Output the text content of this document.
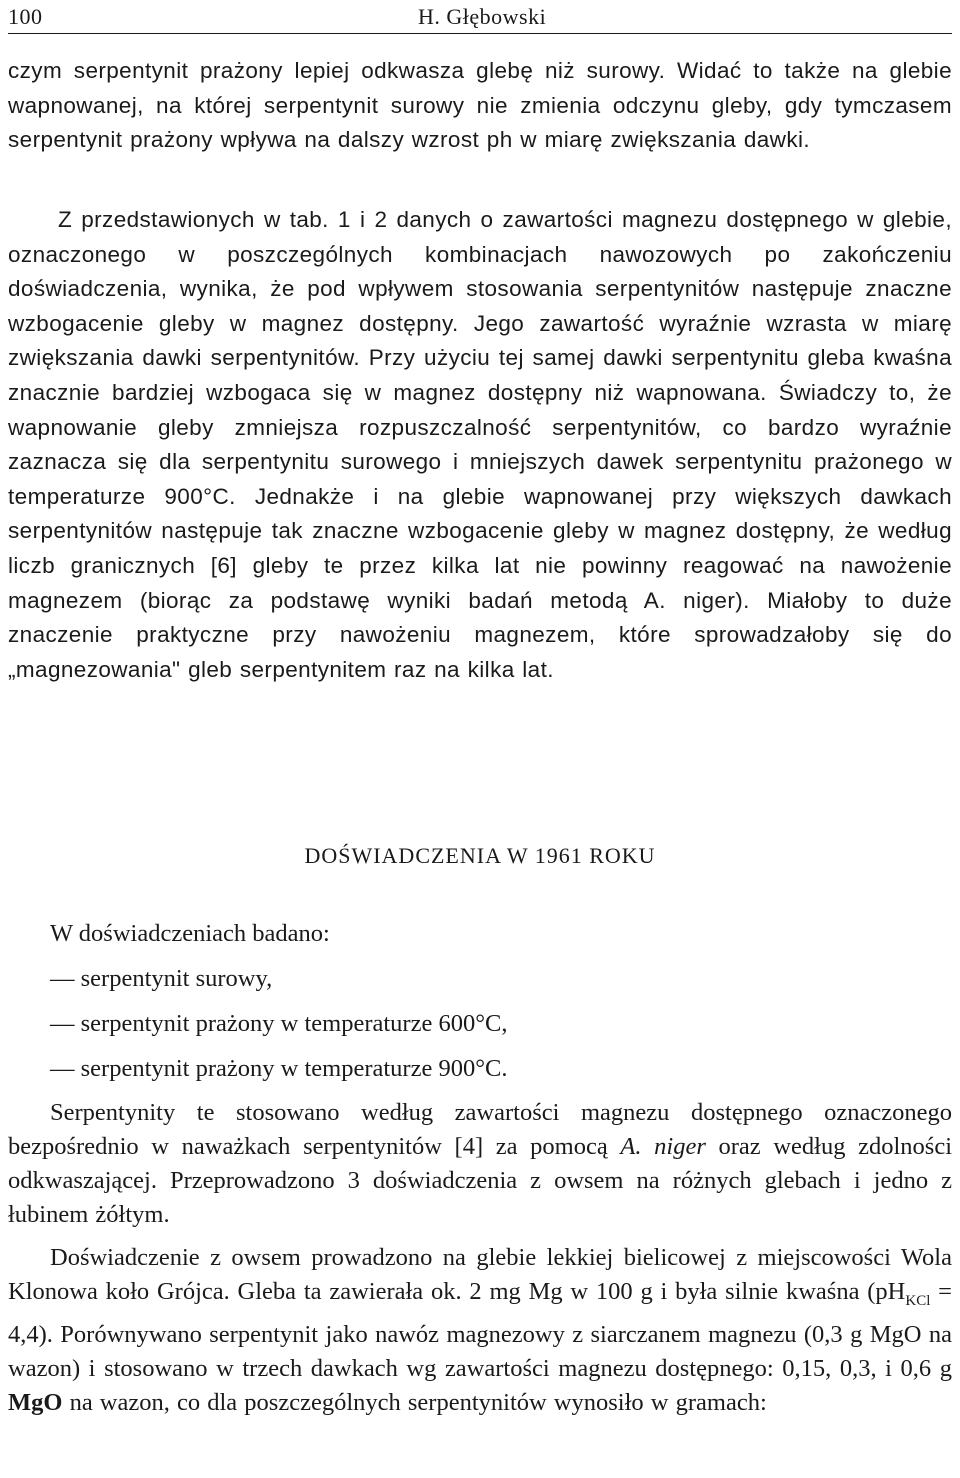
100	H. Głębowski

czym serpentynit prażony lepiej odkwasza glebę niż surowy. Widać to także na glebie wapnowanej, na której serpentynit surowy nie zmienia odczynu gleby, gdy tymczasem serpentynit prażony wpływa na dalszy wzrost ph w miarę zwiększania dawki.

Z przedstawionych w tab. 1 i 2 danych o zawartości magnezu dostępnego w glebie, oznaczonego w poszczególnych kombinacjach nawozowych po zakończeniu doświadczenia, wynika, że pod wpływem stosowania serpentynitów następuje znaczne wzbogacenie gleby w magnez dostępny. Jego zawartość wyraźnie wzrasta w miarę zwiększania dawki serpentynitów. Przy użyciu tej samej dawki serpentynitu gleba kwaśna znacznie bardziej wzbogaca się w magnez dostępny niż wapnowana. Świadczy to, że wapnowanie gleby zmniejsza rozpuszczalność serpentynitów, co bardzo wyraźnie zaznacza się dla serpentynitu surowego i mniejszych dawek serpentynitu prażonego w temperaturze 900°C. Jednakże i na glebie wapnowanej przy większych dawkach serpentynitów następuje tak znaczne wzbogacenie gleby w magnez dostępny, że według liczb granicznych [6] gleby te przez kilka lat nie powinny reagować na nawożenie magnezem (biorąc za podstawę wyniki badań metodą A. niger). Miałoby to duże znaczenie praktyczne przy nawożeniu magnezem, które sprowadzałoby się do „magnezowania" gleb serpentynitem raz na kilka lat.

DOŚWIADCZENIA W 1961 ROKU
W doświadczeniach badano:
— serpentynit surowy,
— serpentynit prażony w temperaturze 600°C,
— serpentynit prażony w temperaturze 900°C.

Serpentynity te stosowano według zawartości magnezu dostępnego oznaczonego bezpośrednio w naważkach serpentynitów [4] za pomocą A. niger oraz według zdolności odkwaszającej. Przeprowadzono 3 doświadczenia z owsem na różnych glebach i jedno z łubinem żółtym.

Doświadczenie z owsem prowadzono na glebie lekkiej bielicowej z miejscowości Wola Klonowa koło Grójca. Gleba ta zawierała ok. 2 mg Mg w 100 g i była silnie kwaśna $(pH_{KCl} = 4,4)$. Porównywano serpentynit jako nawóz magnezowy z siarczanem magnezu (0,3 g MgO na wazon) i stosowano w trzech dawkach wg zawartości magnezu dostępnego: 0,15, 0,3, i 0,6 g MgO na wazon, co dla poszczególnych serpentynitów wynosiło w gramach:
